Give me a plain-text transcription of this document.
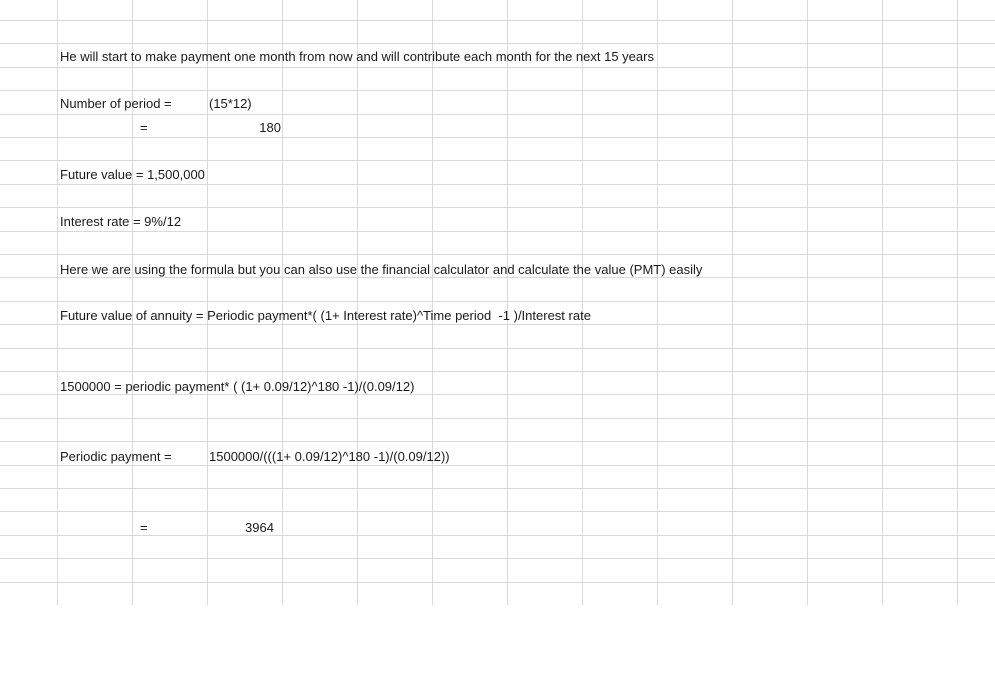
He will start to make payment one month from now and will contribute each month for the next 15 years
Number of period =	(15*12)
=	180
Future value = 1,500,000
Interest rate = 9%/12
Here we are using the formula but you can also use the financial calculator and calculate the value (PMT) easily
Future value of annuity = Periodic payment*( (1+ Interest rate)^Time period  -1 )/Interest rate
1500000 = periodic payment* ( (1+ 0.09/12)^180 -1)/(0.09/12)
Periodic payment =	1500000/(((1+ 0.09/12)^180 -1)/(0.09/12))
=	3964
